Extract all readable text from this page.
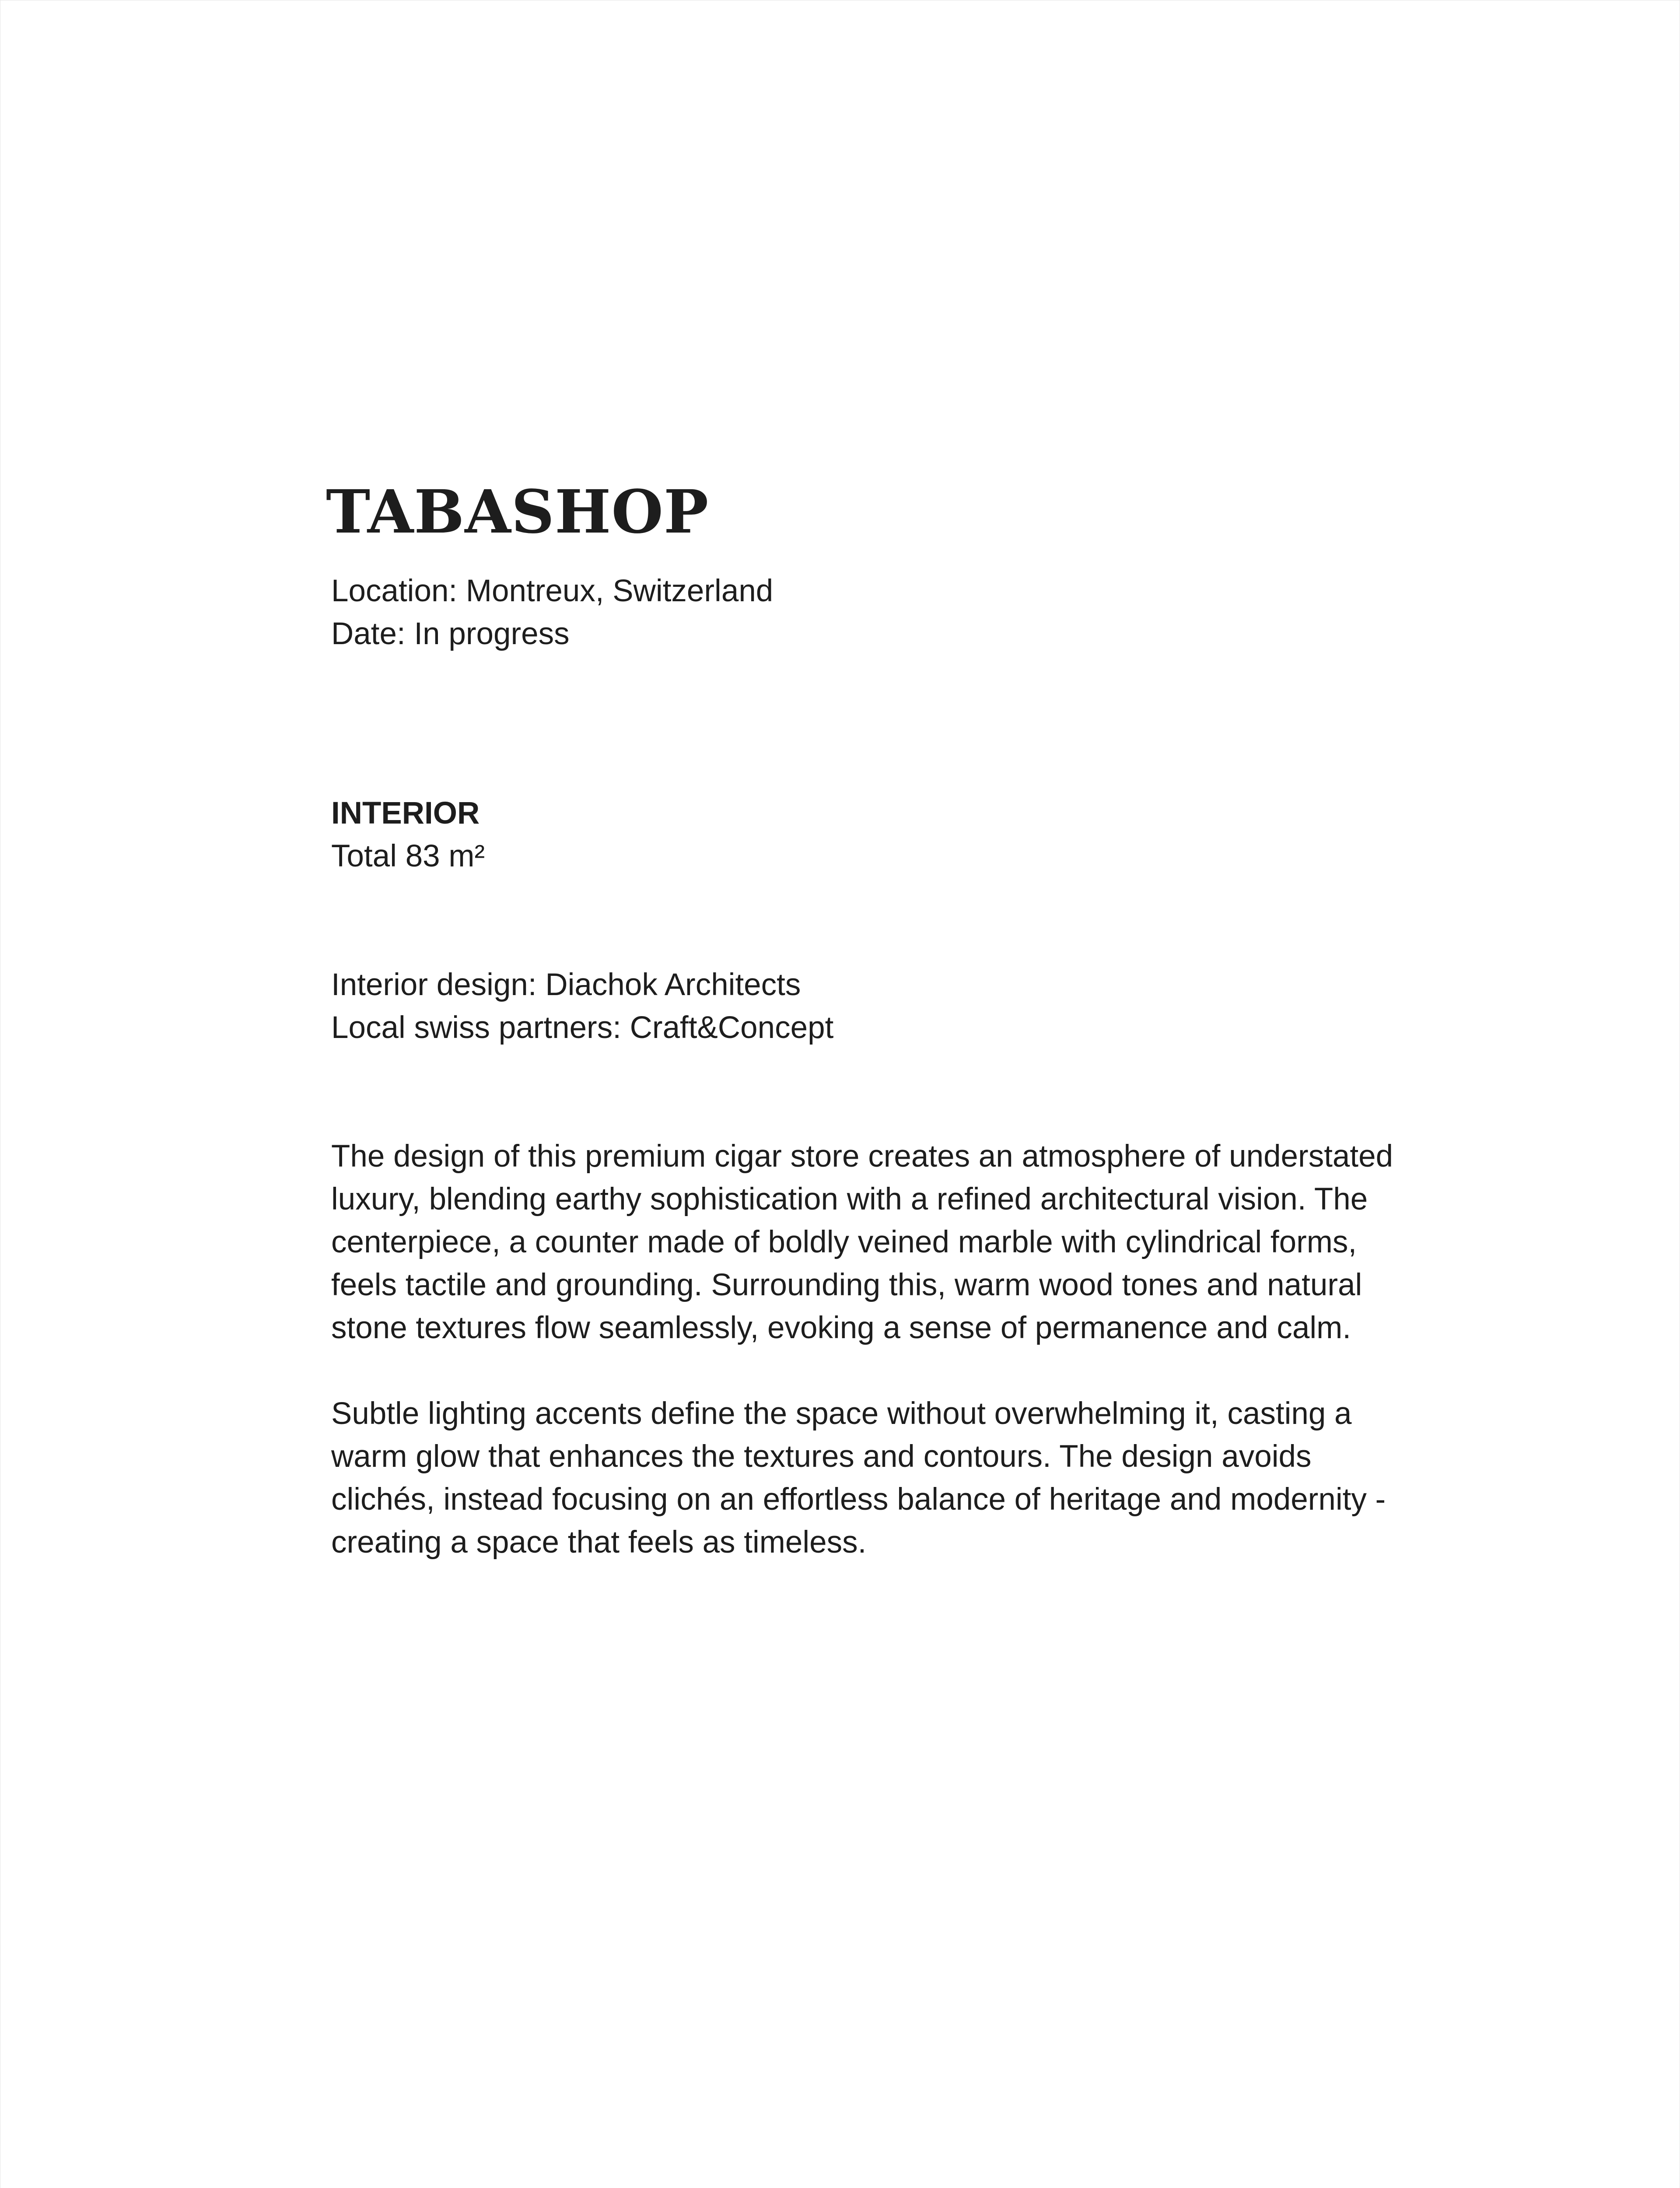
TABASHOP
Location: Montreux, Switzerland
Date: In progress
INTERIOR
Total 83 m²
Interior design: Diachok Architects
Local swiss partners: Craft&Concept

The design of this premium cigar store creates an atmosphere of understated luxury, blending earthy sophistication with a refined architectural vision. The centerpiece, a counter made of boldly veined marble with cylindrical forms, feels tactile and grounding. Surrounding this, warm wood tones and natural stone textures flow seamlessly, evoking a sense of permanence and calm.

Subtle lighting accents define the space without overwhelming it, casting a warm glow that enhances the textures and contours. The design avoids clichés, instead focusing on an effortless balance of heritage and modernity - creating a space that feels as timeless.
